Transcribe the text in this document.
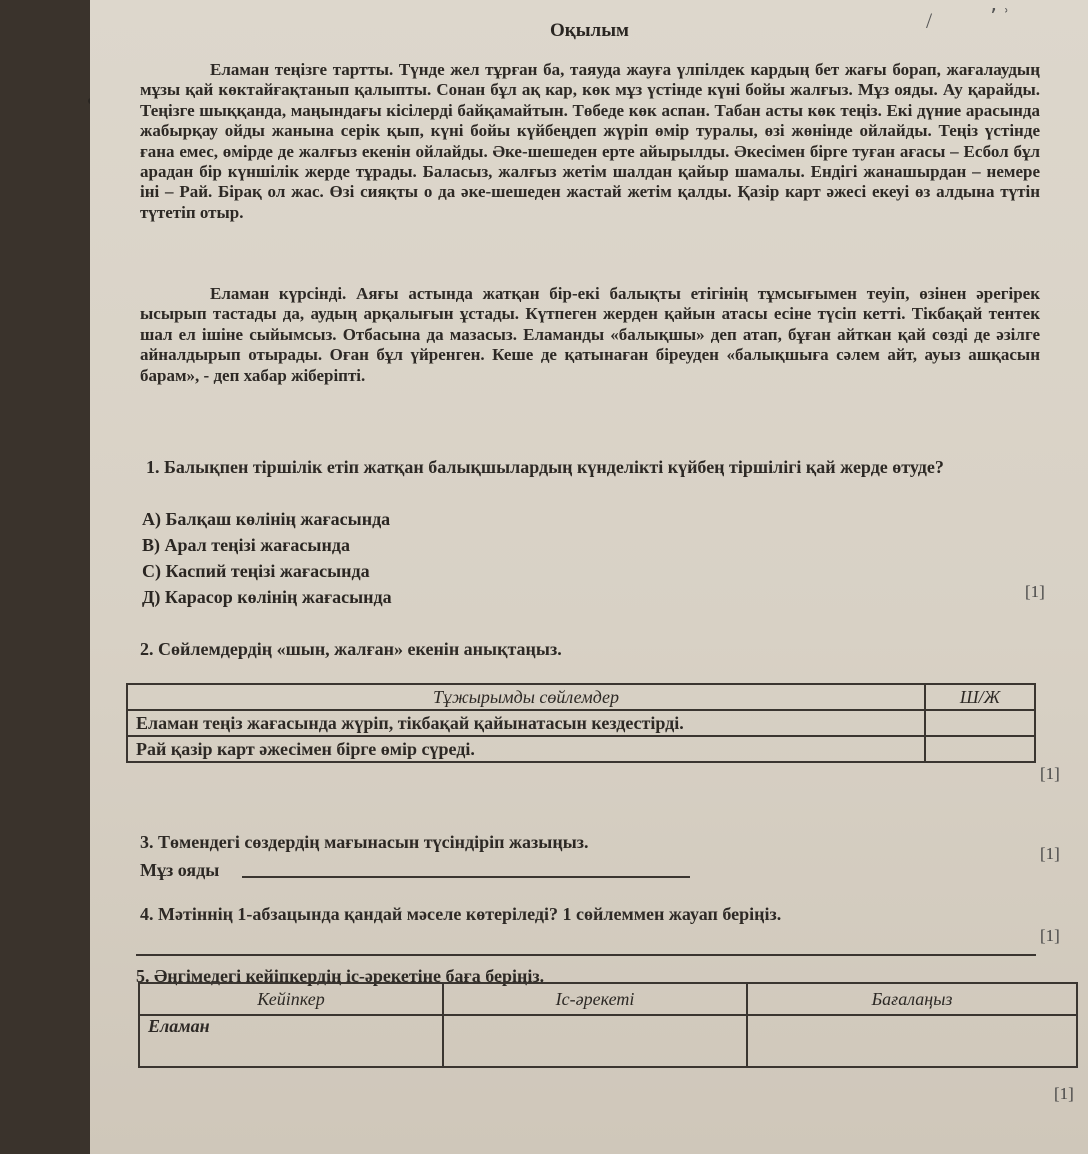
/	٬ ʾ
Оқылым
Еламан теңізге тартты. Түнде жел тұрған ба, таяуда жауға үлпілдек кардың бет жағы борап, жағалаудың мұзы қай көктайғақтанып қалыпты. Сонан бұл ақ кар, көк мұз үстінде күні бойы жалғыз. Мұз ояды. Ау қарайды. Теңізге шыққанда, маңындағы кісілерді байқамайтын. Төбеде көк аспан. Табан асты көк теңіз. Екі дүние арасында жабырқау ойды жанына серік қып, күні бойы күйбеңдеп жүріп өмір туралы, өзі жөнінде ойлайды. Теңіз үстінде ғана емес, өмірде де жалғыз екенін ойлайды. Әке-шешеден ерте айырылды. Әкесімен бірге туған ағасы – Есбол бұл арадан бір күншілік жерде тұрады. Баласыз, жалғыз жетім шалдан қайыр шамалы. Ендігі жанашырдан – немере іні – Рай. Бірақ ол жас. Өзі сияқты о да әке-шешеден жастай жетім қалды. Қазір карт әжесі екеуі өз алдына түтін түтетіп отыр.
Еламан күрсінді. Аяғы астында жатқан бір-екі балықты етігінің тұмсығымен теуіп, өзінен әрегірек ысырып тастады да, аудың арқалығын ұстады. Күтпеген жерден қайын атасы есіне түсіп кетті. Тікбақай тентек шал ел ішіне сыйымсыз. Отбасына да мазасыз. Еламанды «балықшы» деп атап, бұған айткан қай сөзді де әзілге айналдырып отырады. Оған бұл үйренген. Кеше де қатынаған біреуден «балықшыға сәлем айт, ауыз ашқасын барам», - деп хабар жіберіпті.
1. Балықпен тіршілік етіп жатқан балықшылардың күнделікті күйбең тіршілігі қай жерде өтуде?
А) Балқаш көлінің жағасында
В) Арал теңізі жағасында
С) Каспий теңізі жағасында
Д) Карасор көлінің жағасында	[1]
2. Сөйлемдердің «шын, жалған» екенін анықтаңыз.
Тұжырымды сөйлемдер	Ш/Ж
Еламан теңіз жағасында жүріп, тікбақай қайынатасын кездестірді.	
Рай қазір карт әжесімен бірге өмір сүреді.	
[1]
3. Төмендегі сөздердің мағынасын түсіндіріп жазыңыз.
Мұз ояды
[1]
4. Мәтіннің 1-абзацында қандай мәселе көтеріледі? 1 сөйлеммен жауап беріңіз.
[1]
5. Әңгімедегі кейіпкердің іс-әрекетіне баға беріңіз.
Кейіпкер	Іс-әрекеті	Бағалаңыз
Еламан		
[1]
